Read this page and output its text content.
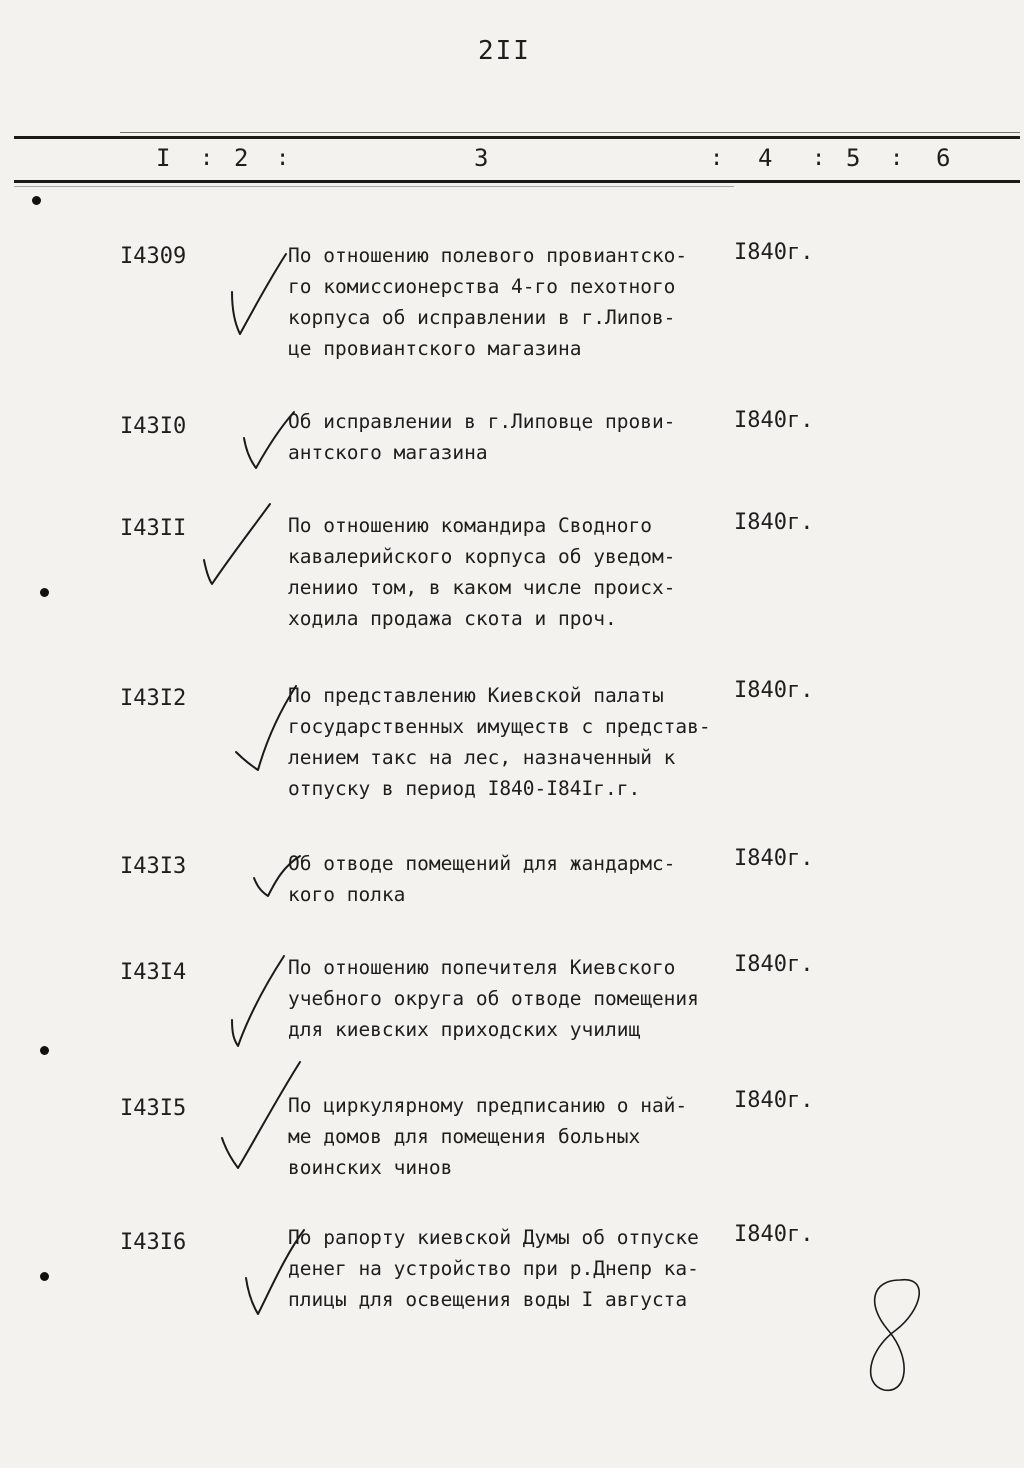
2II
I : 2 :	3	: 4 : 5 : 6
I4309	По отношению полевого провиантско-
го комиссионерства 4-го пехотного
корпуса об исправлении в г.Липов-
це провиантского магазина
I840г.
I43I0	Об исправлении в г.Липовце прови-
антского магазина
I840г.
I43II	По отношению командира Сводного
кавалерийского корпуса об уведом-
лениио том, в каком числе происх-
ходила продажа скота и проч.
I840г.
I43I2	По представлению Киевской палаты
государственных имуществ с представ-
лением такс на лес, назначенный к
отпуску в период I840-I84Iг.г.
I840г.
I43I3	Об отводе помещений для жандармс-
кого полка
I840г.
I43I4	По отношению попечителя Киевского
учебного округа об отводе помещения
для киевских приходских училищ
I840г.
I43I5	По циркулярному предписанию о най-
ме домов для помещения больных
воинских чинов
I840г.
I43I6	По рапорту киевской Думы об отпуске
денег на устройство при р.Днепр ка-
плицы для освещения воды I августа
I840г.
